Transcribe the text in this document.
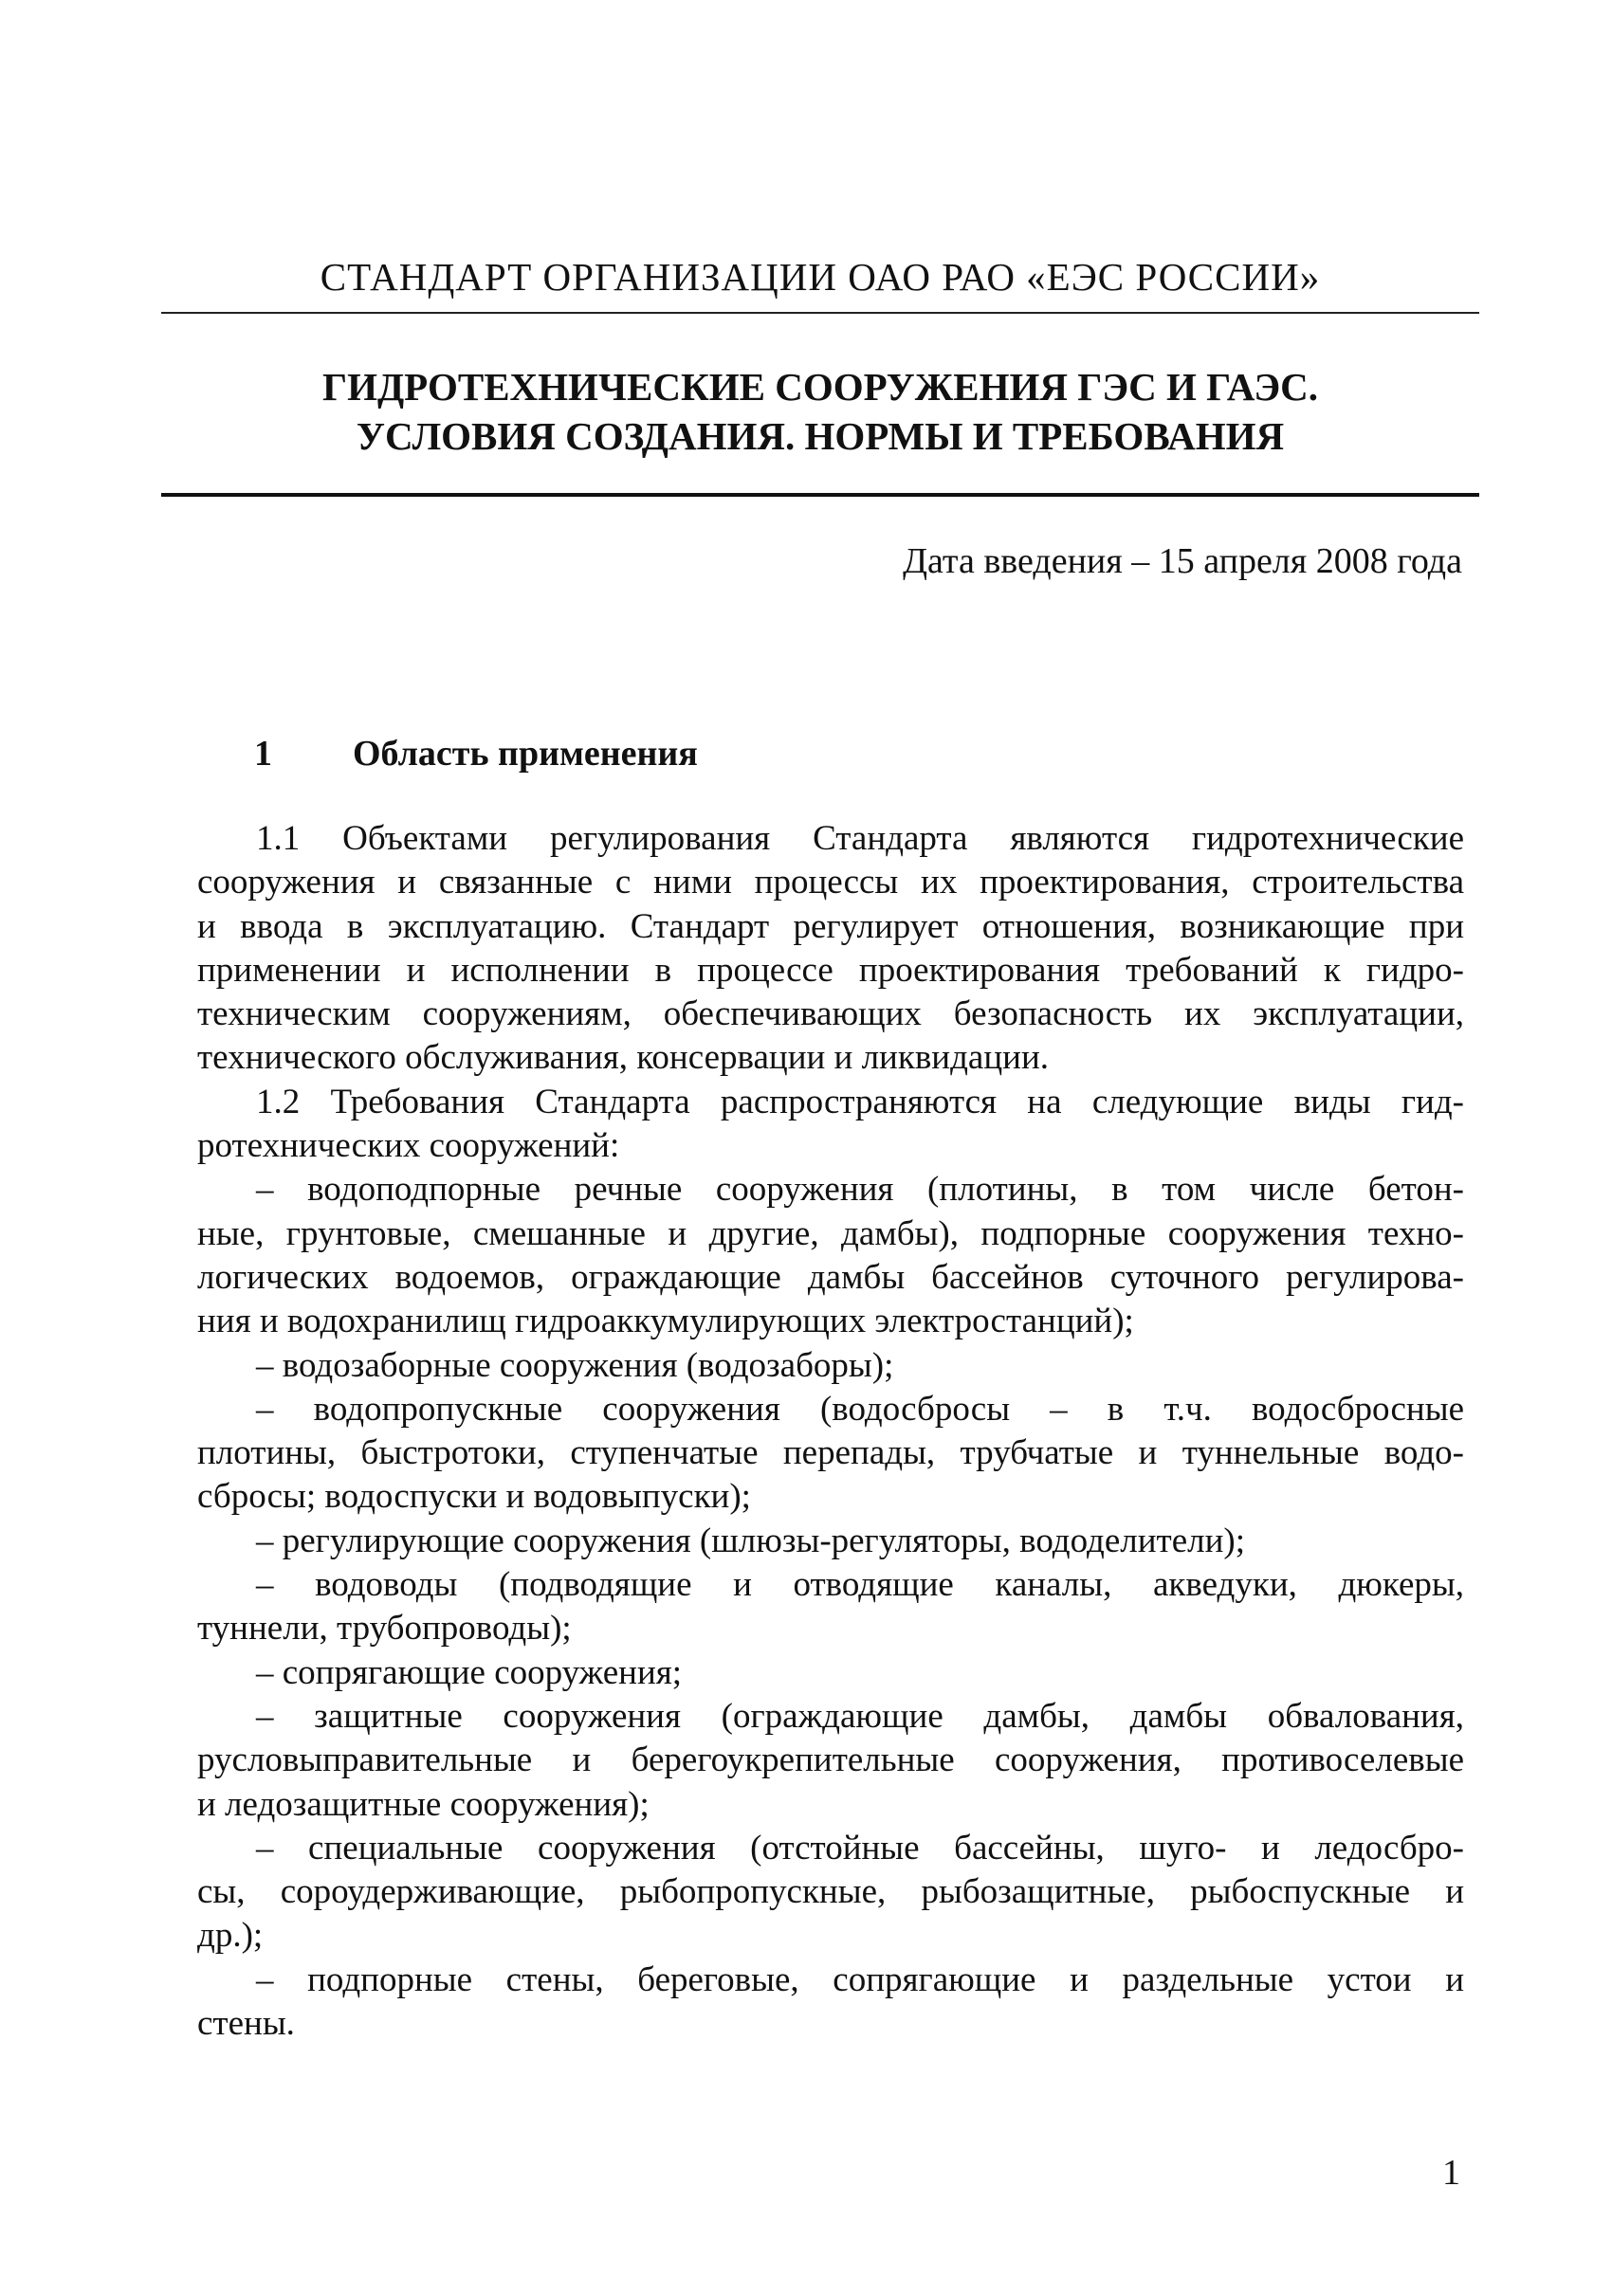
СТАНДАРТ ОРГАНИЗАЦИИ ОАО РАО «ЕЭС РОССИИ»
ГИДРОТЕХНИЧЕСКИЕ СООРУЖЕНИЯ ГЭС И ГАЭС.
УСЛОВИЯ СОЗДАНИЯ. НОРМЫ И ТРЕБОВАНИЯ
Дата введения – 15 апреля 2008 года
1 Область применения
1.1 Объектами регулирования Стандарта являются гидротехнические
сооружения и связанные с ними процессы их проектирования, строительства
и ввода в эксплуатацию. Стандарт регулирует отношения, возникающие при
применении и исполнении в процессе проектирования требований к гидро-
техническим сооружениям, обеспечивающих безопасность их эксплуатации,
технического обслуживания, консервации и ликвидации.
1.2 Требования Стандарта распространяются на следующие виды гид-
ротехнических сооружений:
– водоподпорные речные сооружения (плотины, в том числе бетон-
ные, грунтовые, смешанные и другие, дамбы), подпорные сооружения техно-
логических водоемов, ограждающие дамбы бассейнов суточного регулирова-
ния и водохранилищ гидроаккумулирующих электростанций);
– водозаборные сооружения (водозаборы);
– водопропускные сооружения (водосбросы – в т.ч. водосбросные
плотины, быстротоки, ступенчатые перепады, трубчатые и туннельные водо-
сбросы; водоспуски и водовыпуски);
– регулирующие сооружения (шлюзы-регуляторы, вододелители);
– водоводы (подводящие и отводящие каналы, акведуки, дюкеры,
туннели, трубопроводы);
– сопрягающие сооружения;
– защитные сооружения (ограждающие дамбы, дамбы обвалования,
русловыправительные и берегоукрепительные сооружения, противоселевые
и ледозащитные сооружения);
– специальные сооружения (отстойные бассейны, шуго- и ледосбро-
сы, сороудерживающие, рыбопропускные, рыбозащитные, рыбоспускные и
др.);
– подпорные стены, береговые, сопрягающие и раздельные устои и
стены.
1
